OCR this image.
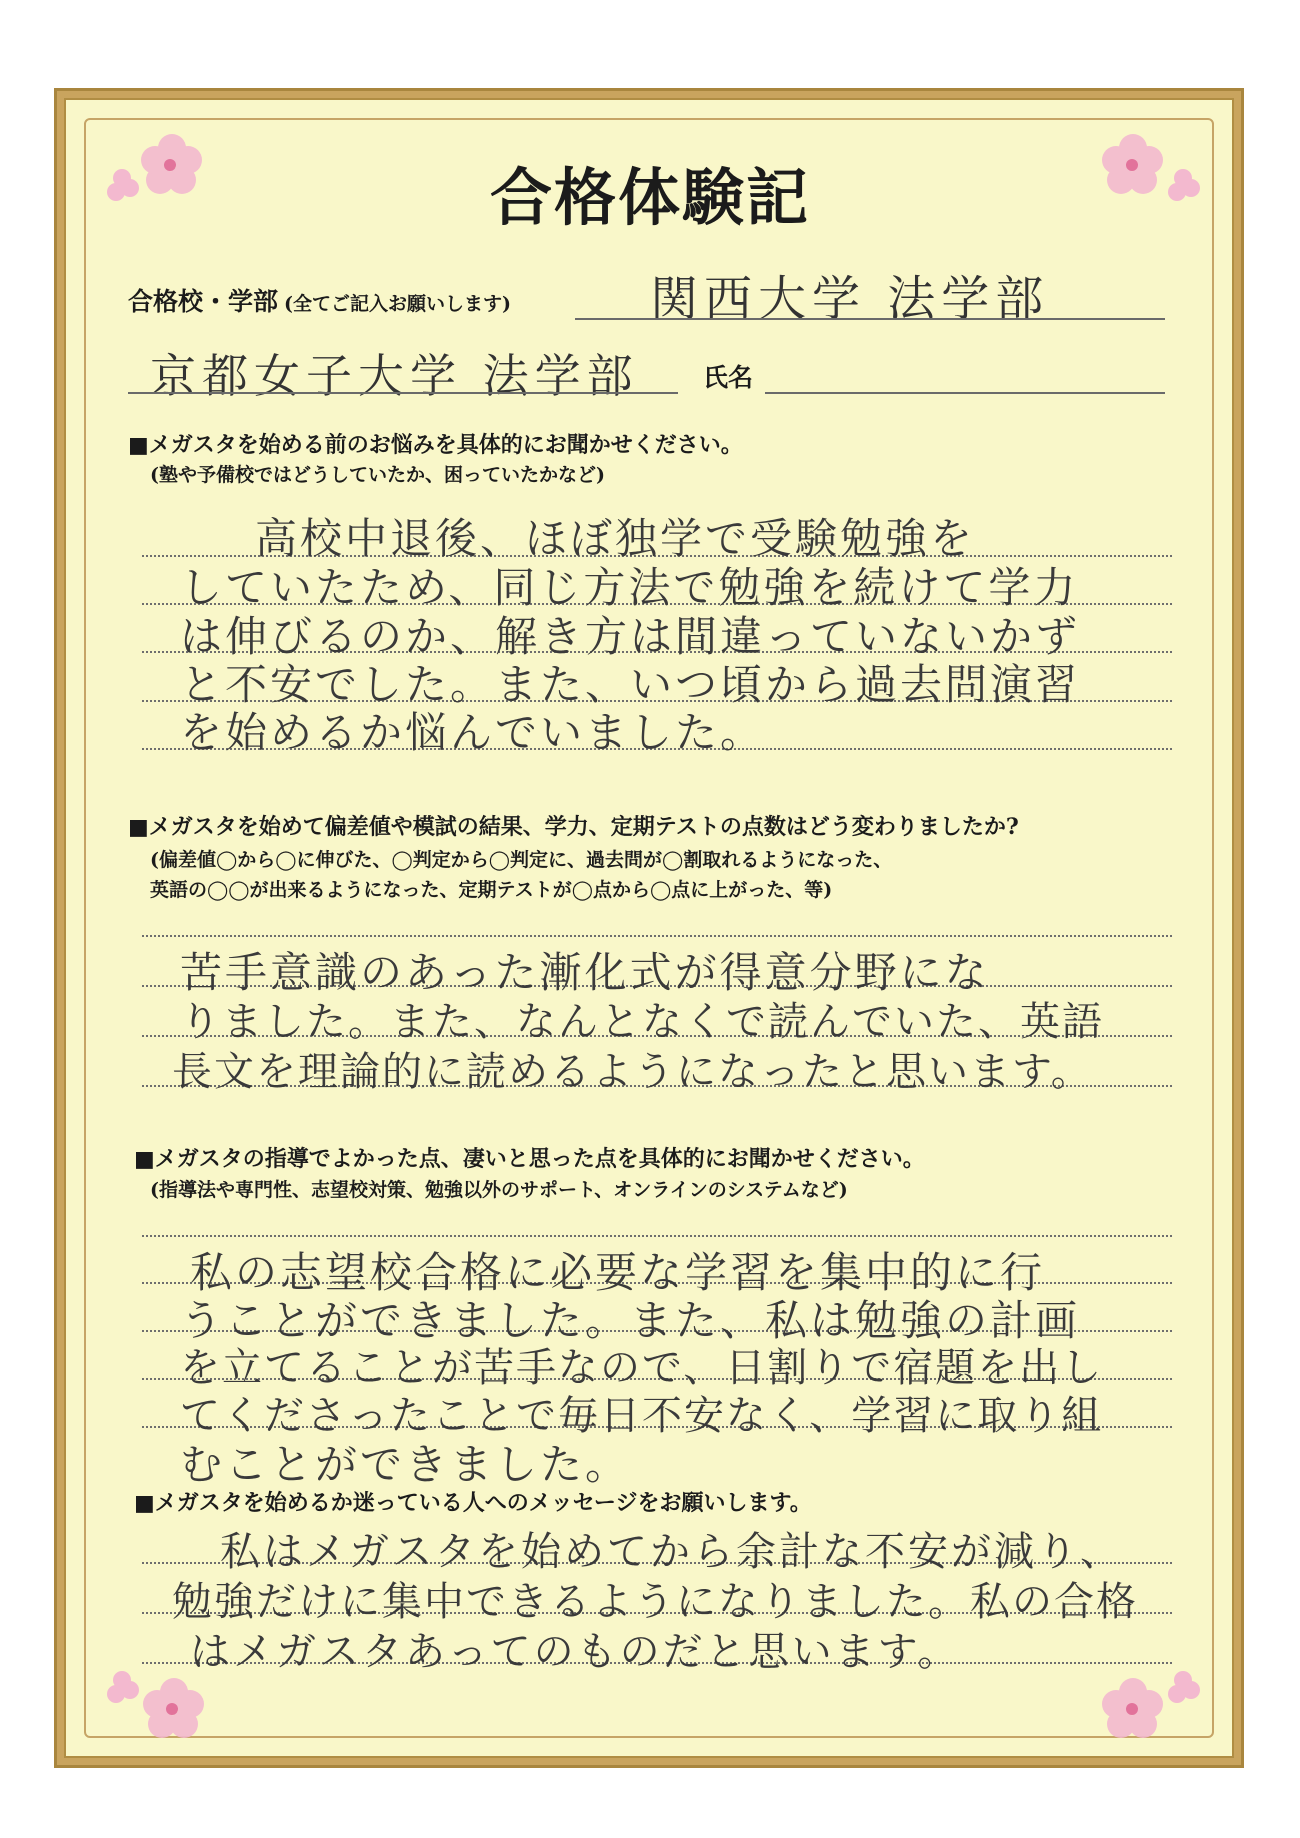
合格体験記
合格校・学部 (全てご記入お願いします)	関西大学 法学部
京都女子大学 法学部	氏名
■メガスタを始める前のお悩みを具体的にお聞かせください。
(塾や予備校ではどうしていたか、困っていたかなど)
高校中退後、ほぼ独学で受験勉強を
していたため、同じ方法で勉強を続けて学力
は伸びるのか、解き方は間違っていないかず
と不安でした。また、いつ頃から過去問演習
を始めるか悩んでいました。
■メガスタを始めて偏差値や模試の結果、学力、定期テストの点数はどう変わりましたか?
(偏差値◯から◯に伸びた、◯判定から◯判定に、過去問が◯割取れるようになった、
英語の◯◯が出来るようになった、定期テストが◯点から◯点に上がった、等)
苦手意識のあった漸化式が得意分野にな
りました。また、なんとなくで読んでいた、英語
長文を理論的に読めるようになったと思います。
■メガスタの指導でよかった点、凄いと思った点を具体的にお聞かせください。
(指導法や専門性、志望校対策、勉強以外のサポート、オンラインのシステムなど)
私の志望校合格に必要な学習を集中的に行
うことができました。また、私は勉強の計画
を立てることが苦手なので、日割りで宿題を出し
てくださったことで毎日不安なく、学習に取り組
むことができました。
■メガスタを始めるか迷っている人へのメッセージをお願いします。
私はメガスタを始めてから余計な不安が減り、
勉強だけに集中できるようになりました。私の合格
はメガスタあってのものだと思います。
